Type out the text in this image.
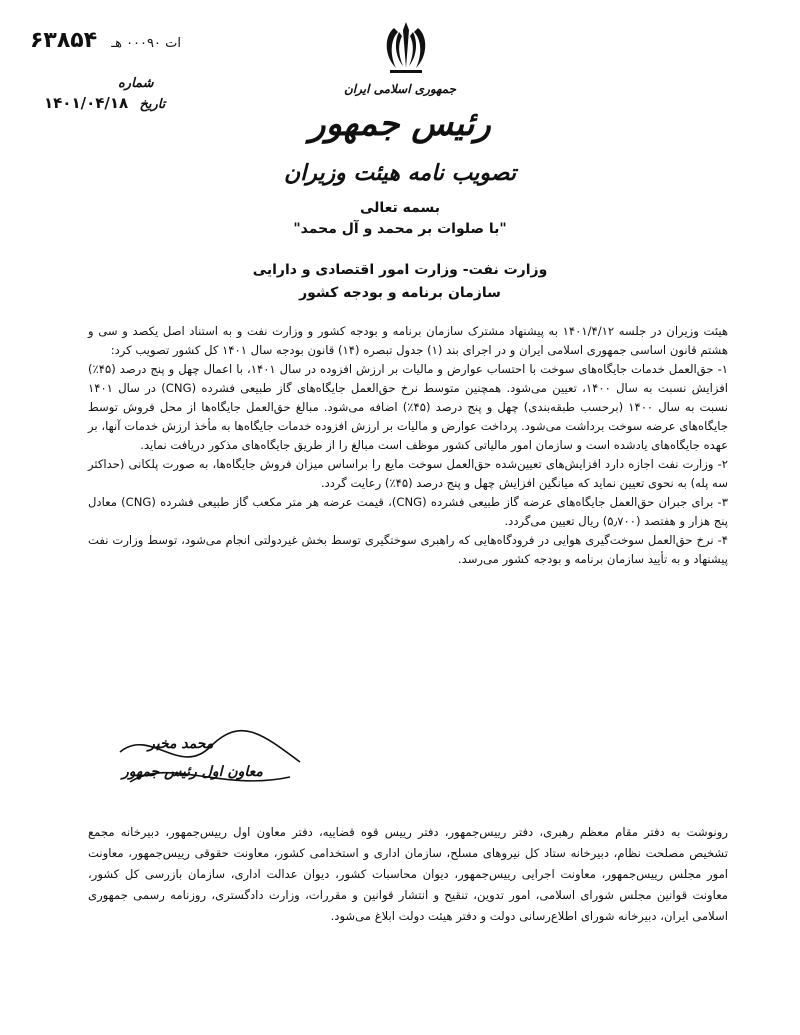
۶۳۸۵۴ ات ۰۰۰۹۰ هـ
شماره
۱۴۰۱/۰۴/۱۸ تاریخ
جمهوری اسلامی ایران
رئیس جمهور
تصویب نامه هیئت وزیران
بسمه تعالی
"با صلوات بر محمد و آل محمد"
وزارت نفت- وزارت امور اقتصادی و دارایی
سازمان برنامه و بودجه کشور

هیئت وزیران در جلسه ۱۴۰۱/۴/۱۲ به پیشنهاد مشترک سازمان برنامه و بودجه کشور و وزارت نفت و به استناد اصل یکصد و سی و هشتم قانون اساسی جمهوری اسلامی ایران و در اجرای بند (۱) جدول تبصره (۱۴) قانون بودجه سال ۱۴۰۱ کل کشور تصویب کرد:

۱- حق‌العمل خدمات جایگاه‌های سوخت با احتساب عوارض و مالیات بر ارزش افزوده در سال ۱۴۰۱، با اعمال چهل و پنج درصد (۴۵٪) افزایش نسبت به سال ۱۴۰۰، تعیین می‌شود. همچنین متوسط نرخ حق‌العمل جایگاه‌های گاز طبیعی فشرده (CNG) در سال ۱۴۰۱ نسبت به سال ۱۴۰۰ (برحسب طبقه‌بندی) چهل و پنج درصد (۴۵٪) اضافه می‌شود. مبالغ حق‌العمل جایگاه‌ها از محل فروش توسط جایگاه‌های عرضه سوخت برداشت می‌شود. پرداخت عوارض و مالیات بر ارزش افزوده خدمات جایگاه‌ها به مأخذ ارزش خدمات آنها، بر عهده جایگاه‌های یادشده است و سازمان امور مالیاتی کشور موظف است مبالغ را از طریق جایگاه‌های مذکور دریافت نماید.

۲- وزارت نفت اجازه دارد افزایش‌های تعیین‌شده حق‌العمل سوخت مایع را براساس میزان فروش جایگاه‌ها، به صورت پلکانی (حداکثر سه پله) به نحوی تعیین نماید که میانگین افزایش چهل و پنج درصد (۴۵٪) رعایت گردد.

۳- برای جبران حق‌العمل جایگاه‌های عرضه گاز طبیعی فشرده (CNG)، قیمت عرضه هر متر مکعب گاز طبیعی فشرده (CNG) معادل پنج هزار و هفتصد (۵٫۷۰۰) ریال تعیین می‌گردد.

۴- نرخ حق‌العمل سوخت‌گیری هوایی در فرودگاه‌هایی که راهبری سوختگیری توسط بخش غیردولتی انجام می‌شود، توسط وزارت نفت پیشنهاد و به تأیید سازمان برنامه و بودجه کشور می‌رسد.

محمد مخبر
معاون اول رئیس جمهور

رونوشت به دفتر مقام معظم رهبری، دفتر رییس‌جمهور، دفتر رییس قوه قضاییه، دفتر معاون اول رییس‌جمهور، دبیرخانه مجمع تشخیص مصلحت نظام، دبیرخانه ستاد کل نیروهای مسلح، سازمان اداری و استخدامی کشور، معاونت حقوقی رییس‌جمهور، معاونت امور مجلس رییس‌جمهور، معاونت اجرایی رییس‌جمهور، دیوان محاسبات کشور، دیوان عدالت اداری، سازمان بازرسی کل کشور، معاونت قوانین مجلس شورای اسلامی، امور تدوین، تنقیح و انتشار قوانین و مقررات، وزارت دادگستری، روزنامه رسمی جمهوری اسلامی ایران، دبیرخانه شورای اطلاع‌رسانی دولت و دفتر هیئت دولت ابلاغ می‌شود.
